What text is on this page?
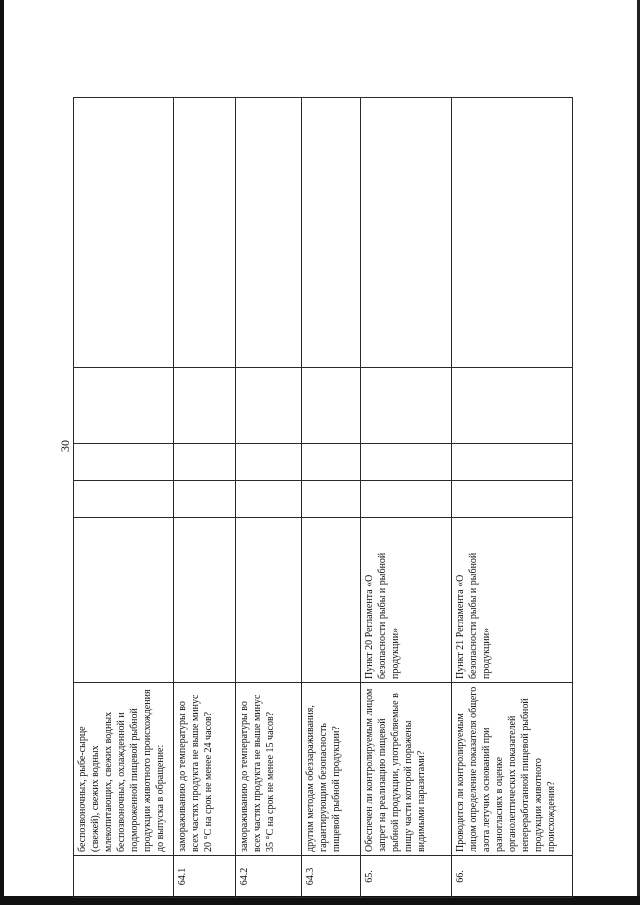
30
	беспозвоночных, рыбе-сырце (свежей), свежих водных млекопитающих, свежих водных беспозвоночных, охлажденной и подмороженной пищевой рыбной продукции животного происхождения до выпуска в обращение:					
64.1	замораживанию до температуры во всех частях продукта не выше минус 20 °С на срок не менее 24 часов?					
64.2	замораживанию до температуры во всех частях продукта не выше минус 35 °С на срок не менее 15 часов?					
64.3	другим методам обеззараживания, гарантирующим безопасность пищевой рыбной продукции?					
65.	Обеспечен ли контролируемым лицом запрет на реализацию пищевой рыбной продукции, употребляемые в пищу части которой поражены видимыми паразитами?	Пункт 20 Регламента «О безопасности рыбы и рыбной продукции»				
66.	Проводится ли контролируемым лицом определение показателя общего азота летучих оснований при разногласиях в оценке органолептических показателей непереработанной пищевой рыбной продукции животного происхождения?	Пункт 21 Регламента «О безопасности рыбы и рыбной продукции»				
